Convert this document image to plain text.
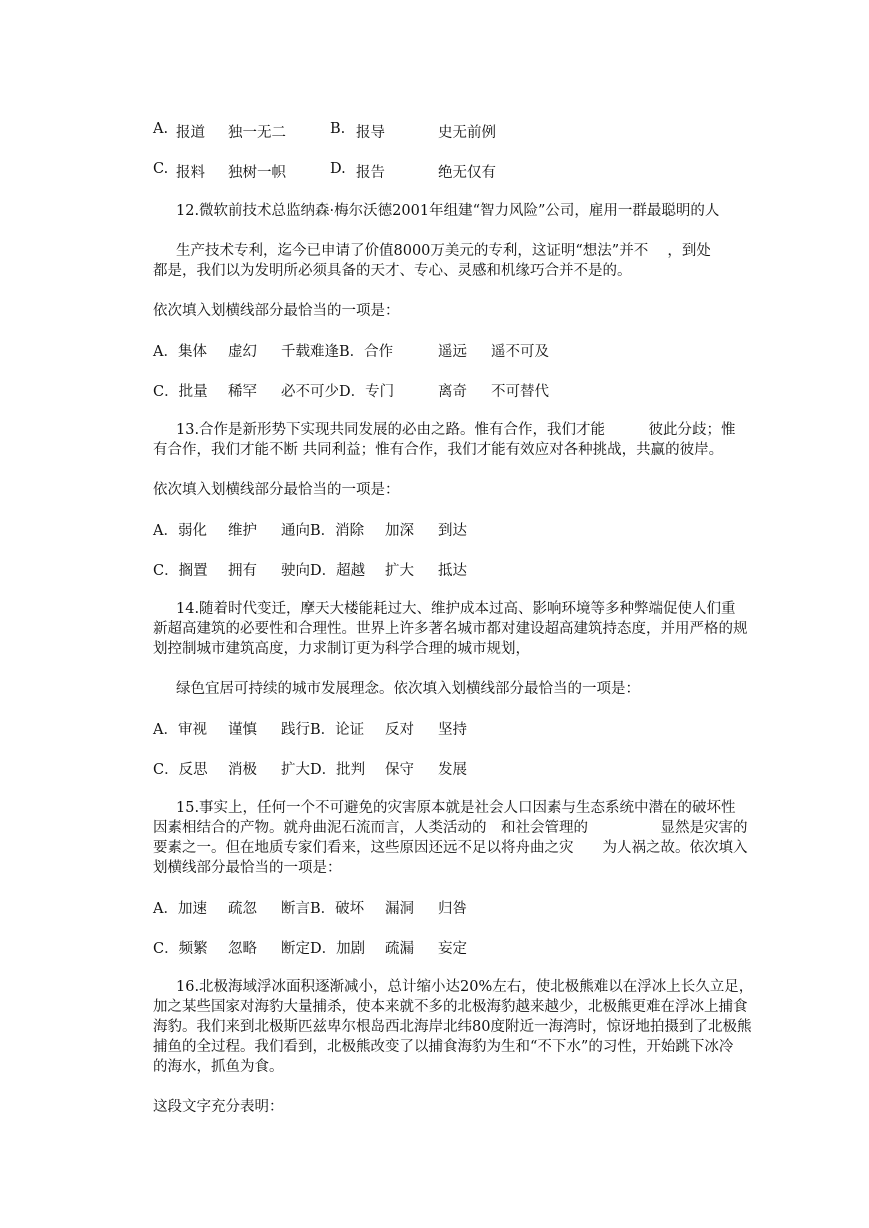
A. 报道 独一无二	B. 报导	史无前例
C. 报料 独树一帜	D. 报告	绝无仅有
12.微软前技术总监纳森·梅尔沃德2001年组建“智力风险”公司，雇用一群最聪明的人
生产技术专利，迄今已申请了价值8000万美元的专利，这证明“想法”并不　 ，到处
都是，我们以为发明所必须具备的天才、专心、灵感和机缘巧合并不是的。
依次填入划横线部分最恰当的一项是：
A．集体 虚幻 千载难逢B．合作	遥远 遥不可及
C．批量 稀罕 必不可少D．专门	离奇 不可替代
13.合作是新形势下实现共同发展的必由之路。惟有合作，我们才能　　　彼此分歧；惟
有合作，我们才能不断 共同利益；惟有合作，我们才能有效应对各种挑战，共赢的彼岸。
依次填入划横线部分最恰当的一项是：
A．弱化 维护 通向B．消除 加深 到达
C．搁置 拥有 驶向D．超越 扩大 抵达
14.随着时代变迁，摩天大楼能耗过大、维护成本过高、影响环境等多种弊端促使人们重
新超高建筑的必要性和合理性。世界上许多著名城市都对建设超高建筑持态度，并用严格的规
划控制城市建筑高度，力求制订更为科学合理的城市规划，
绿色宜居可持续的城市发展理念。依次填入划横线部分最恰当的一项是：
A．审视 谨慎 践行B．论证 反对 坚持
C．反思 消极 扩大D．批判 保守 发展
15.事实上，任何一个不可避免的灾害原本就是社会人口因素与生态系统中潜在的破坏性
因素相结合的产物。就舟曲泥石流而言，人类活动的　和社会管理的　　　　　显然是灾害的
要素之一。但在地质专家们看来，这些原因还远不足以将舟曲之灾　　为人祸之故。依次填入
划横线部分最恰当的一项是：
A．加速 疏忽 断言B．破坏 漏洞 归咎
C．频繁 忽略 断定D．加剧 疏漏 妄定
16.北极海域浮冰面积逐渐减小，总计缩小达20%左右，使北极熊难以在浮冰上长久立足，
加之某些国家对海豹大量捕杀，使本来就不多的北极海豹越来越少，北极熊更难在浮冰上捕食
海豹。我们来到北极斯匹兹卑尔根岛西北海岸北纬80度附近一海湾时，惊讶地拍摄到了北极熊
捕鱼的全过程。我们看到，北极熊改变了以捕食海豹为生和“不下水”的习性，开始跳下冰冷
的海水，抓鱼为食。
这段文字充分表明：
